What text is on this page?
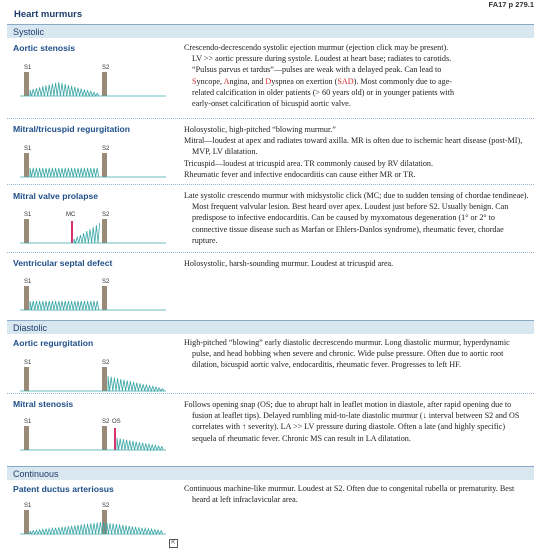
FA17 p 279.1
Heart murmurs
Systolic
Aortic stenosis
S1	S2

Crescendo-decrescendo systolic ejection murmur (ejection click may be present).

LV >> aortic pressure during systole. Loudest at heart base; radiates to carotids.

“Pulsus parvus et tardus”—pulses are weak with a delayed peak. Can lead to

Syncope, Angina, and Dyspnea on exertion (SAD). Most commonly due to age-

related calcification in older patients (> 60 years old) or in younger patients with

early-onset calcification of bicuspid aortic valve.

Mitral/tricuspid regurgitation
S1	S2

Holosystolic, high-pitched “blowing murmur.”

Mitral—loudest at apex and radiates toward axilla. MR is often due to ischemic heart disease (post-MI), MVP, LV dilatation.

Tricuspid—loudest at tricuspid area. TR commonly caused by RV dilatation.

Rheumatic fever and infective endocarditis can cause either MR or TR.

Mitral valve prolapse
S1	MC	S2

Late systolic crescendo murmur with midsystolic click (MC; due to sudden tensing of chordae tendineae). Most frequent valvular lesion. Best heard over apex. Loudest just before S2. Usually benign. Can predispose to infective endocarditis. Can be caused by myxomatous degeneration (1° or 2° to connective tissue disease such as Marfan or Ehlers-Danlos syndrome), rheumatic fever, chordae rupture.

Ventricular septal defect
S1	S2

Holosystolic, harsh-sounding murmur. Loudest at tricuspid area.

Diastolic
Aortic regurgitation
S1	S2

High-pitched “blowing” early diastolic decrescendo murmur. Long diastolic murmur, hyperdynamic pulse, and head bobbing when severe and chronic. Wide pulse pressure. Often due to aortic root dilation, bicuspid aortic valve, endocarditis, rheumatic fever. Progresses to left HF.

Mitral stenosis
S1	S2 OS

Follows opening snap (OS; due to abrupt halt in leaflet motion in diastole, after rapid opening due to fusion at leaflet tips). Delayed rumbling mid-to-late diastolic murmur (↓ interval between S2 and OS correlates with ↑ severity). LA >> LV pressure during diastole. Often a late (and highly specific) sequela of rheumatic fever. Chronic MS can result in LA dilatation.

Continuous
Patent ductus arteriosus
S1	S2

Continuous machine-like murmur. Loudest at S2. Often due to congenital rubella or prematurity. Best heard at left infraclavicular area.

⇱
